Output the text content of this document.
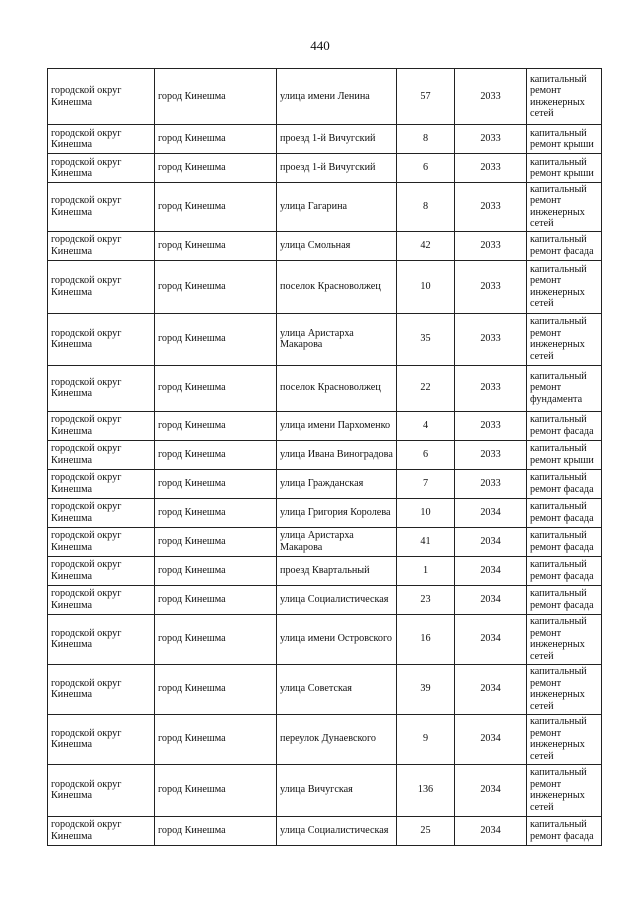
440
городской округ Кинешма	город Кинешма	улица имени Ленина	57	2033	капитальный ремонт инженерных сетей
городской округ Кинешма	город Кинешма	проезд 1-й Вичугский	8	2033	капитальный ремонт крыши
городской округ Кинешма	город Кинешма	проезд 1-й Вичугский	6	2033	капитальный ремонт крыши
городской округ Кинешма	город Кинешма	улица Гагарина	8	2033	капитальный ремонт инженерных сетей
городской округ Кинешма	город Кинешма	улица Смольная	42	2033	капитальный ремонт фасада
городской округ Кинешма	город Кинешма	поселок Красноволжец	10	2033	капитальный ремонт инженерных сетей
городской округ Кинешма	город Кинешма	улица Аристарха Макарова	35	2033	капитальный ремонт инженерных сетей
городской округ Кинешма	город Кинешма	поселок Красноволжец	22	2033	капитальный ремонт фундамента
городской округ Кинешма	город Кинешма	улица имени Пархоменко	4	2033	капитальный ремонт фасада
городской округ Кинешма	город Кинешма	улица Ивана Виноградова	6	2033	капитальный ремонт крыши
городской округ Кинешма	город Кинешма	улица Гражданская	7	2033	капитальный ремонт фасада
городской округ Кинешма	город Кинешма	улица Григория Королева	10	2034	капитальный ремонт фасада
городской округ Кинешма	город Кинешма	улица Аристарха Макарова	41	2034	капитальный ремонт фасада
городской округ Кинешма	город Кинешма	проезд Квартальный	1	2034	капитальный ремонт фасада
городской округ Кинешма	город Кинешма	улица Социалистическая	23	2034	капитальный ремонт фасада
городской округ Кинешма	город Кинешма	улица имени Островского	16	2034	капитальный ремонт инженерных сетей
городской округ Кинешма	город Кинешма	улица Советская	39	2034	капитальный ремонт инженерных сетей
городской округ Кинешма	город Кинешма	переулок Дунаевского	9	2034	капитальный ремонт инженерных сетей
городской округ Кинешма	город Кинешма	улица Вичугская	136	2034	капитальный ремонт инженерных сетей
городской округ Кинешма	город Кинешма	улица Социалистическая	25	2034	капитальный ремонт фасада
